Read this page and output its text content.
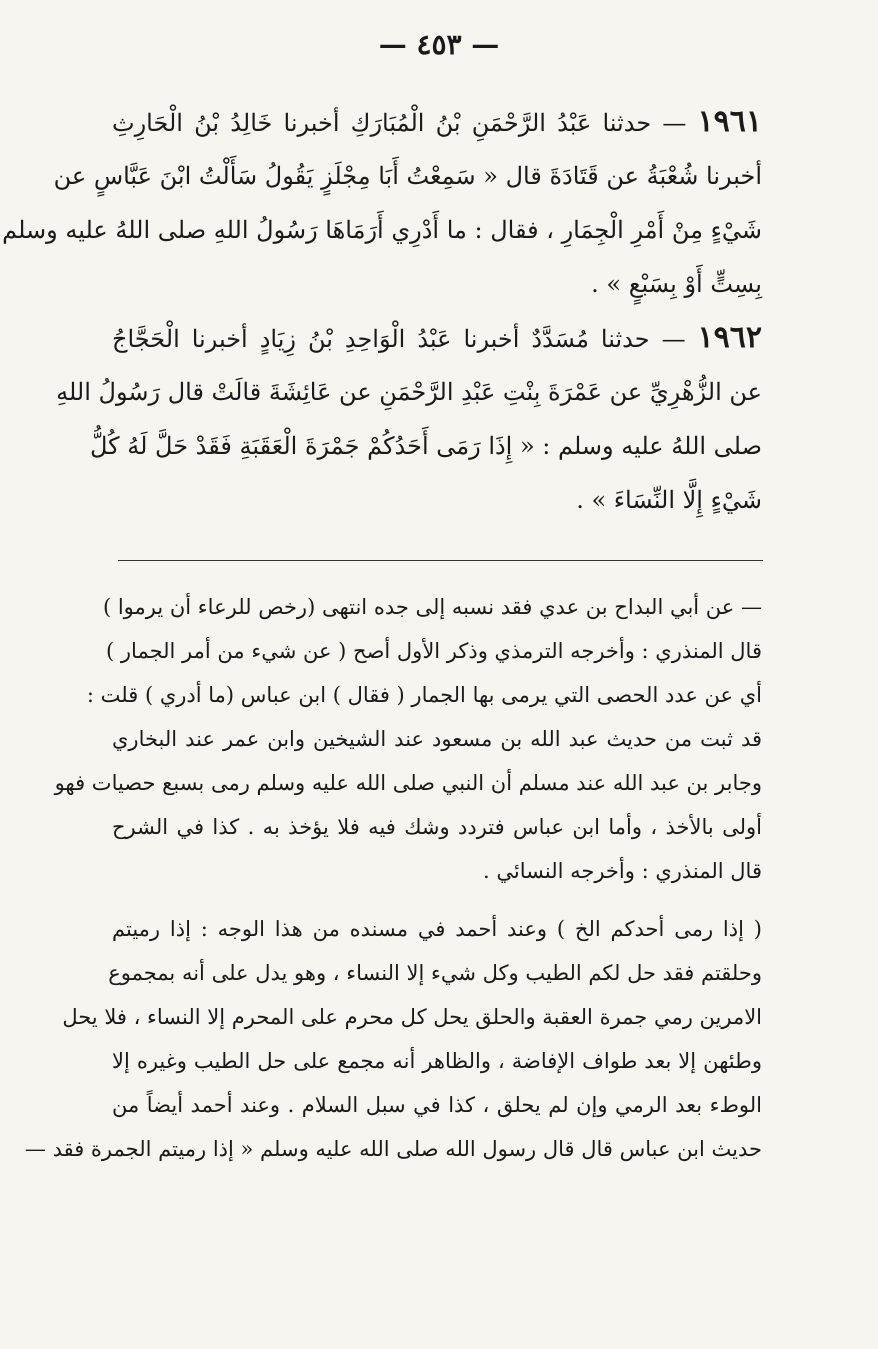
— ٤٥٣ —
١٩٦١ — حدثنا عَبْدُ الرَّحْمَنِ بْنُ الْمُبَارَكِ أخبرنا خَالِدُ بْنُ الْحَارِثِ
أخبرنا شُعْبَةُ عن قَتَادَةَ قال « سَمِعْتُ أَبَا مِجْلَزٍ يَقُولُ سَأَلْتُ ابْنَ عَبَّاسٍ عن
شَيْءٍ مِنْ أَمْرِ الْجِمَارِ ، فقال : ما أَدْرِي أَرَمَاهَا رَسُولُ اللهِ صلى اللهُ عليه وسلم
بِسِتٍّ أَوْ بِسَبْعٍ » .
١٩٦٢ — حدثنا مُسَدَّدٌ أخبرنا عَبْدُ الْوَاحِدِ بْنُ زِيَادٍ أخبرنا الْحَجَّاجُ
عن الزُّهْرِيِّ عن عَمْرَةَ بِنْتِ عَبْدِ الرَّحْمَنِ عن عَائِشَةَ قالَتْ قال رَسُولُ اللهِ
صلى اللهُ عليه وسلم : « إِذَا رَمَى أَحَدُكُمْ جَمْرَةَ الْعَقَبَةِ فَقَدْ حَلَّ لَهُ كُلُّ
شَيْءٍ إِلَّا النِّسَاءَ » .
— عن أبي البداح بن عدي فقد نسبه إلى جده انتهى (رخص للرعاء أن يرموا )
قال المنذري : وأخرجه الترمذي وذكر الأول أصح ( عن شيء من أمر الجمار )
أي عن عدد الحصى التي يرمى بها الجمار ( فقال ) ابن عباس (ما أدري ) قلت :
قد ثبت من حديث عبد الله بن مسعود عند الشيخين وابن عمر عند البخاري
وجابر بن عبد الله عند مسلم أن النبي صلى الله عليه وسلم رمى بسبع حصيات فهو
أولى بالأخذ ، وأما ابن عباس فتردد وشك فيه فلا يؤخذ به . كذا في الشرح
قال المنذري : وأخرجه النسائي .
( إذا رمى أحدكم الخ ) وعند أحمد في مسنده من هذا الوجه : إذا رميتم
وحلقتم فقد حل لكم الطيب وكل شيء إلا النساء ، وهو يدل على أنه بمجموع
الامرين رمي جمرة العقبة والحلق يحل كل محرم على المحرم إلا النساء ، فلا يحل
وطئهن إلا بعد طواف الإفاضة ، والظاهر أنه مجمع على حل الطيب وغيره إلا
الوطء بعد الرمي وإن لم يحلق ، كذا في سبل السلام . وعند أحمد أيضاً من
حديث ابن عباس قال قال رسول الله صلى الله عليه وسلم « إذا رميتم الجمرة فقد —
